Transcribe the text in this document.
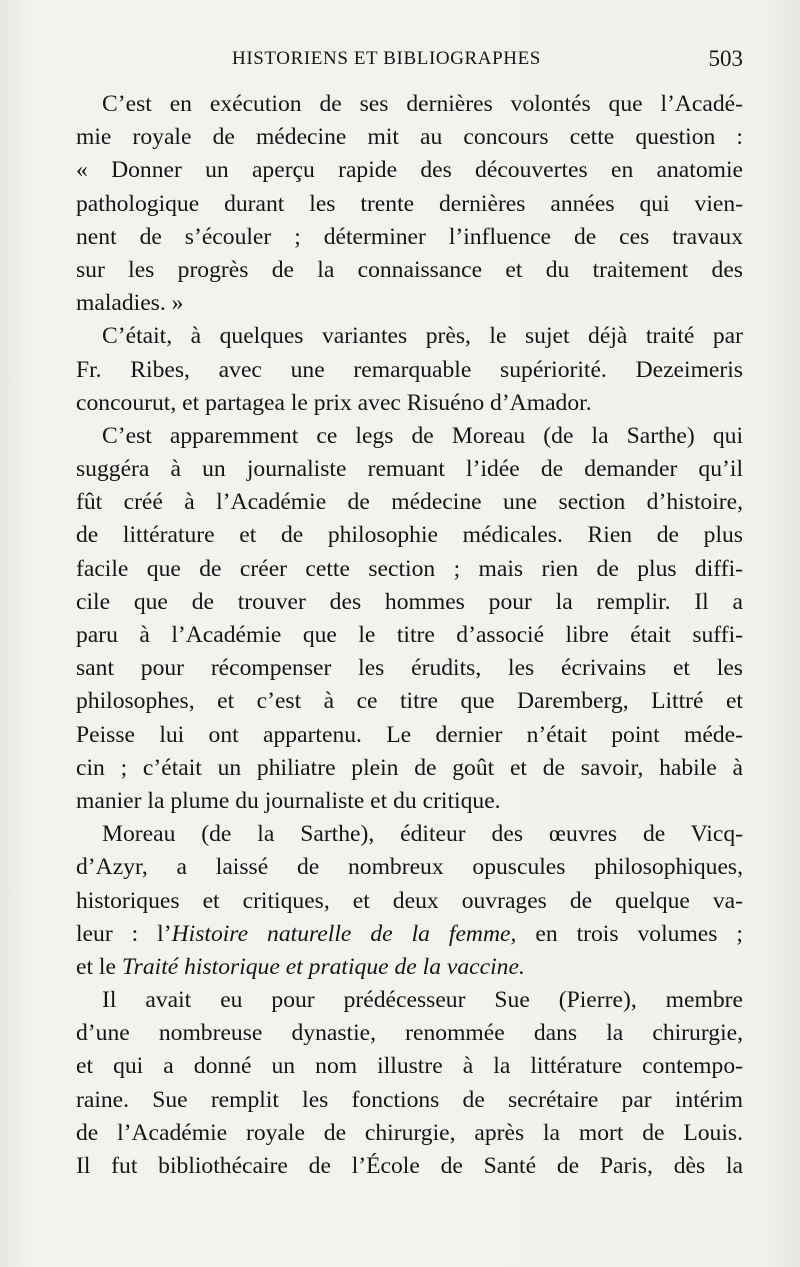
HISTORIENS ET BIBLIOGRAPHES	503
C’est en exécution de ses dernières volontés que l’Acadé-
mie royale de médecine mit au concours cette question :
« Donner un aperçu rapide des découvertes en anatomie
pathologique durant les trente dernières années qui vien-
nent de s’écouler ; déterminer l’influence de ces travaux
sur les progrès de la connaissance et du traitement des
maladies. »
C’était, à quelques variantes près, le sujet déjà traité par
Fr. Ribes, avec une remarquable supériorité. Dezeimeris
concourut, et partagea le prix avec Risuéno d’Amador.
C’est apparemment ce legs de Moreau (de la Sarthe) qui
suggéra à un journaliste remuant l’idée de demander qu’il
fût créé à l’Académie de médecine une section d’histoire,
de littérature et de philosophie médicales. Rien de plus
facile que de créer cette section ; mais rien de plus diffi-
cile que de trouver des hommes pour la remplir. Il a
paru à l’Académie que le titre d’associé libre était suffi-
sant pour récompenser les érudits, les écrivains et les
philosophes, et c’est à ce titre que Daremberg, Littré et
Peisse lui ont appartenu. Le dernier n’était point méde-
cin ; c’était un philiatre plein de goût et de savoir, habile à
manier la plume du journaliste et du critique.
Moreau (de la Sarthe), éditeur des œuvres de Vicq-
d’Azyr, a laissé de nombreux opuscules philosophiques,
historiques et critiques, et deux ouvrages de quelque va-
leur : l’Histoire naturelle de la femme, en trois volumes ;
et le Traité historique et pratique de la vaccine.
Il avait eu pour prédécesseur Sue (Pierre), membre
d’une nombreuse dynastie, renommée dans la chirurgie,
et qui a donné un nom illustre à la littérature contempo-
raine. Sue remplit les fonctions de secrétaire par intérim
de l’Académie royale de chirurgie, après la mort de Louis.
Il fut bibliothécaire de l’École de Santé de Paris, dès la
